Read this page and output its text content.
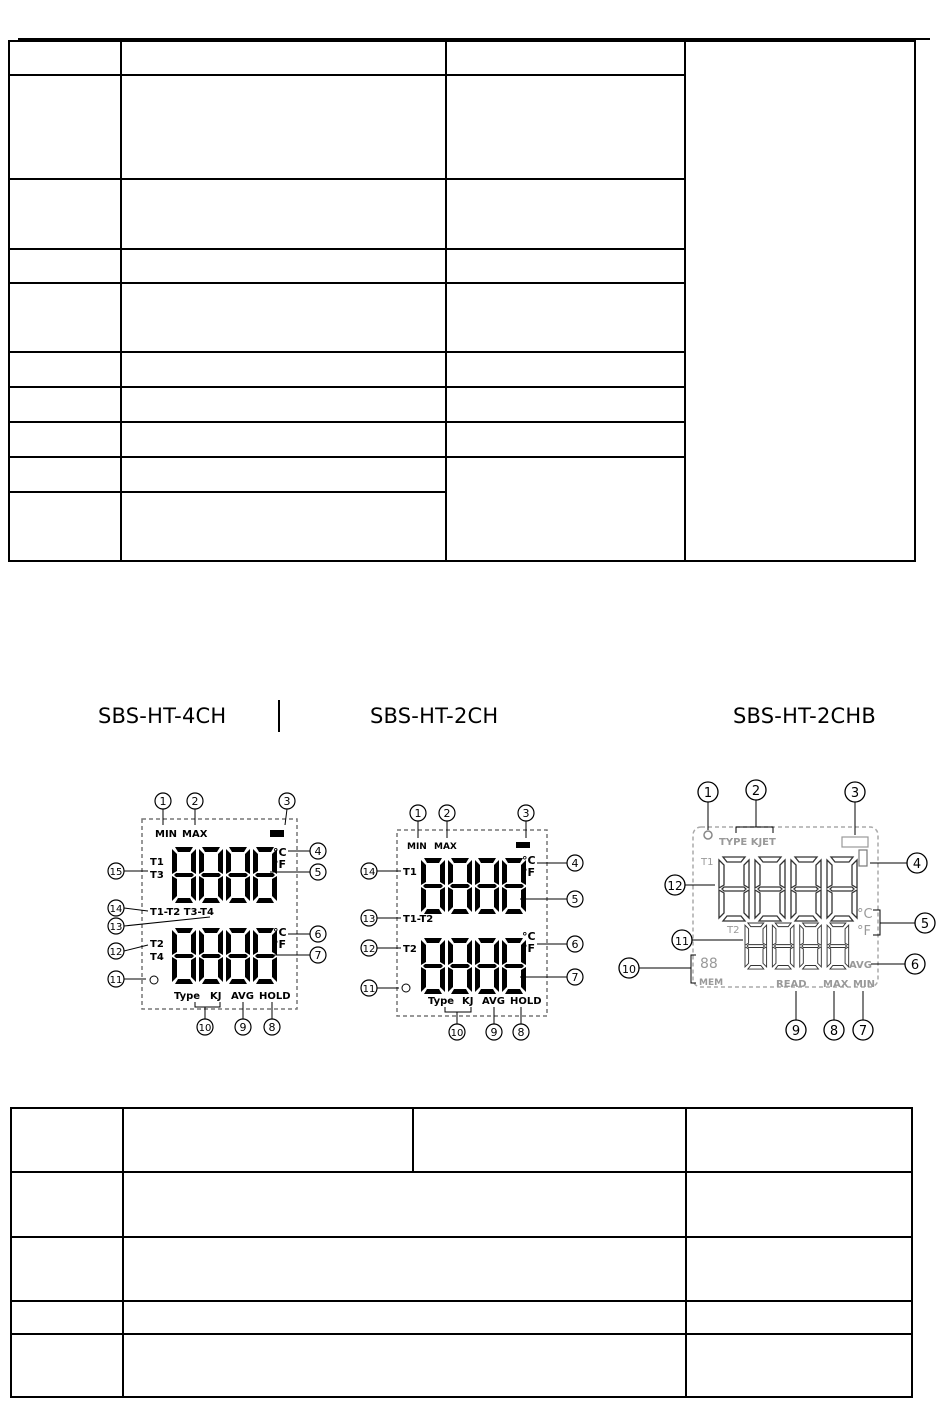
SBS-HT-4CH	SBS-HT-2CH	SBS-HT-2CHB
1 2	3
MIN MAX
T1
T3
°C
°F
4
5
15
T1-T2 T3-T4
14
13
T2
T4
°C
°F
6
7
12
11
Type KJ AVG HOLD
10	9 8
1 2	3
MIN MAX
T1
°C
°F
4
5
14
T1-T2
13
T2
°C
°F	6
7
12
11
Type KJ AVG HOLD
10 9 8
1	2
TYPE KJET
3
4
T1
12
°C
°F	5
T2
11
AVG	6
88
MEM
10
READ MAX MIN
9 8 7
